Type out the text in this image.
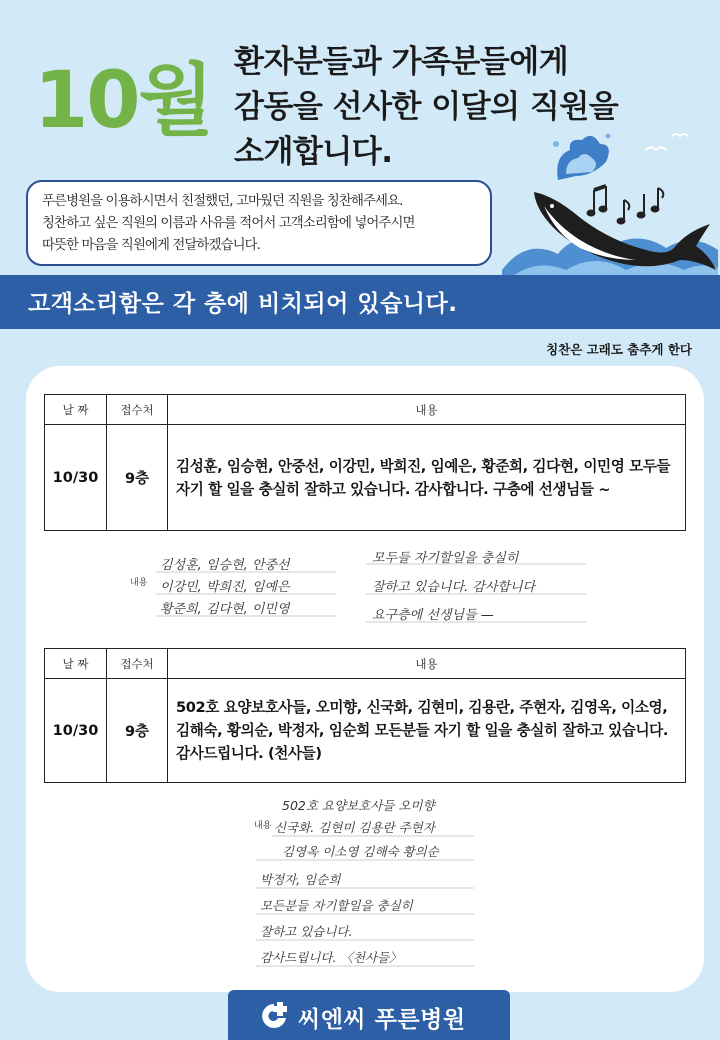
10월 환자분들과 가족분들에게
감동을 선사한 이달의 직원을
소개합니다.
푸른병원을 이용하시면서 친절했던, 고마웠던 직원을 칭찬해주세요.
칭찬하고 싶은 직원의 이름과 사유를 적어서 고객소리함에 넣어주시면
따뜻한 마음을 직원에게 전달하겠습니다.
고객소리함은 각 층에 비치되어 있습니다.
칭찬은 고래도 춤추게 한다
날 짜	접수처	내용
10/30	9층	김성훈, 임승현, 안중선, 이강민, 박희진, 임예은, 황준희, 김다현, 이민영 모두들 자기 할 일을 충실히 잘하고 있습니다. 감사합니다. 구층에 선생님들 ~
내용
김성훈, 임승현, 안중선
이강민, 박희진, 임예은
황준희, 김다현, 이민영
모두들 자기할일을 충실히
잘하고 있습니다. 감사합니다
요구층에 선생님들 —
날 짜	접수처	내용
10/30	9층	502호 요양보호사들, 오미향, 신국화, 김현미, 김용란, 주현자, 김영옥, 이소영, 김해숙, 황의순, 박정자, 임순희 모든분들 자기 할 일을 충실히 잘하고 있습니다. 감사드립니다. (천사들)
내용
502호 요양보호사들 오미향
신국화. 김현미 김용란 주현자
김영옥 이소영 김해숙 황의순
박정자, 임순희
모든분들 자기할일을 충실히
잘하고 있습니다.
감사드립니다. 〈천사들〉
씨엔씨 푸른병원
